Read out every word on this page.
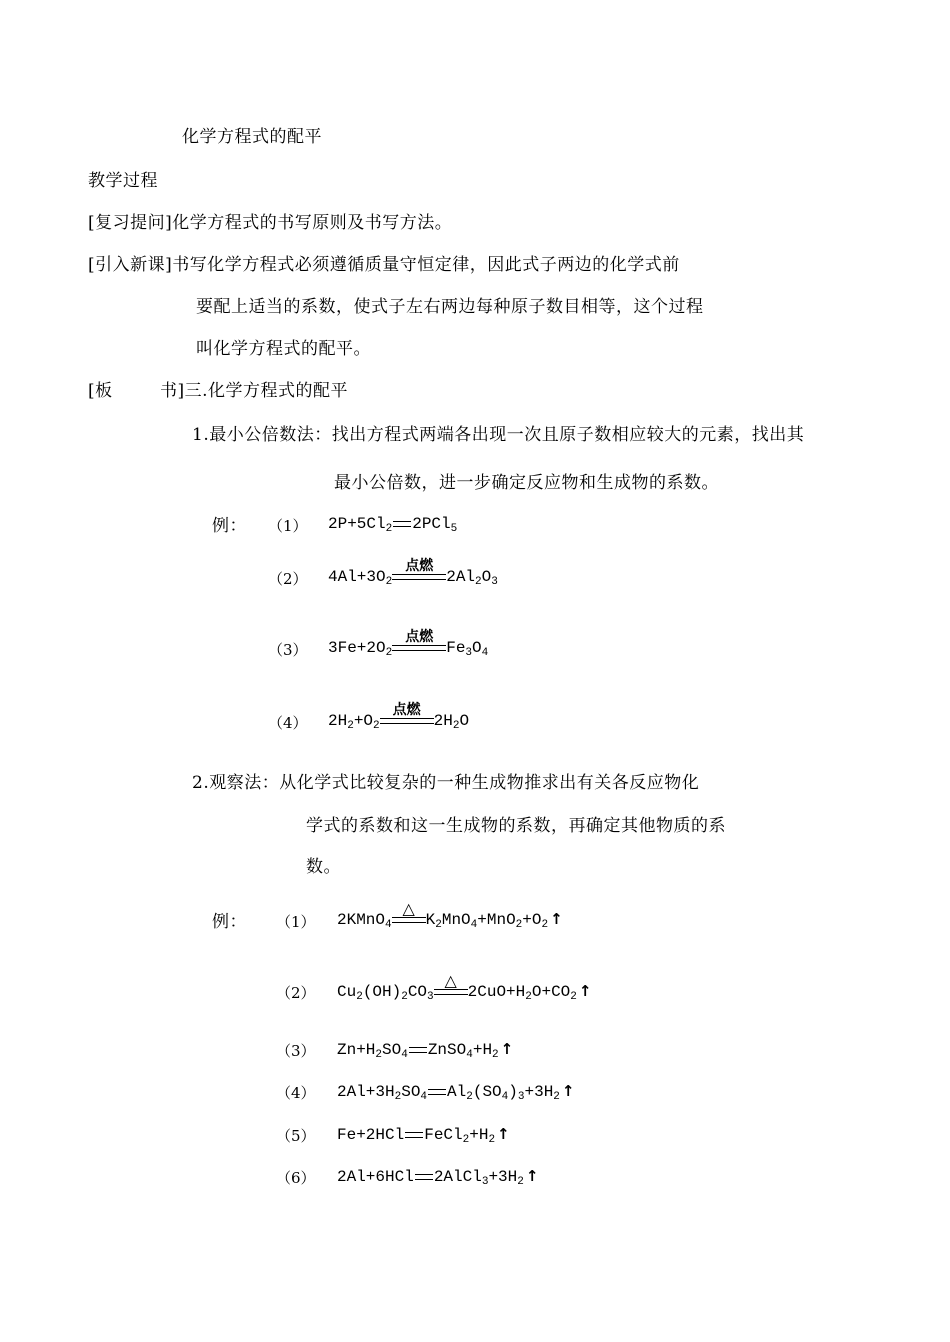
化学方程式的配平
教学过程
[复习提问]化学方程式的书写原则及书写方法。
[引入新课]书写化学方程式必须遵循质量守恒定律，因此式子两边的化学式前
要配上适当的系数，使式子左右两边每种原子数目相等，这个过程
叫化学方程式的配平。
[板	书]三.化学方程式的配平
1.最小公倍数法：找出方程式两端各出现一次且原子数相应较大的元素，找出其
最小公倍数，进一步确定反应物和生成物的系数。
例： （1） $2P+5Cl_2$ 2PCl$_5$
（2） $4Al+3O_2$
点燃
$2Al_2O_3$
（3） $3Fe+2O_2$
点燃
$Fe_3O_4$
（4） $2H_2+O_2$
点燃
$2H_2O$
2.观察法：从化学式比较复杂的一种生成物推求出有关各反应物化
学式的系数和这一生成物的系数，再确定其他物质的系
数。
例： （1） 2KMnO$_4$
△
$K_2MnO_4+MnO_2+O_2$ ↑
（2） $Cu_2(OH)_2CO_3$
△
$2CuO+H_2O+CO_2$ ↑
（3） $Zn+H_2SO_4$ $ZnSO_4+H_2$ ↑
（4） $2Al+3H_2SO_4$ $Al_2(SO_4)_3+3H_2$ ↑
（5） Fe+2HCl $FeCl_2+H_2$ ↑
（6） 2Al+6HCl $2AlCl_3+3H_2$ ↑
